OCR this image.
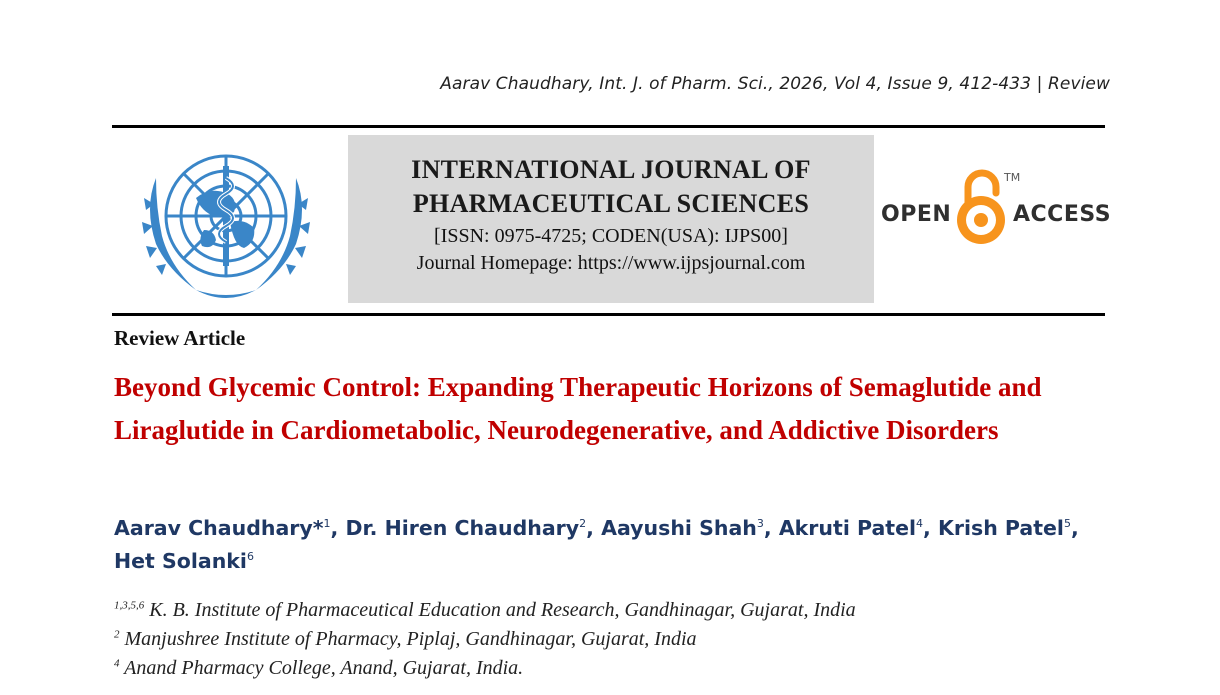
Aarav Chaudhary, Int. J. of Pharm. Sci., 2026, Vol 4, Issue 9, 412-433 | Review
INTERNATIONAL JOURNAL OF
PHARMACEUTICAL SCIENCES
[ISSN: 0975-4725; CODEN(USA): IJPS00]
Journal Homepage: https://www.ijpsjournal.com
OPEN	ACCESS
TM
Review Article
Beyond Glycemic Control: Expanding Therapeutic Horizons of Semaglutide and Liraglutide in Cardiometabolic, Neurodegenerative, and Addictive Disorders
Aarav Chaudhary*$^1$, Dr. Hiren Chaudhary$^2$, Aayushi Shah$^3$, Akruti Patel$^4$, Krish Patel$^5$, Het Solanki$^6$
$^{1,3,5,6}$ K. B. Institute of Pharmaceutical Education and Research, Gandhinagar, Gujarat, India
$^2$ Manjushree Institute of Pharmacy, Piplaj, Gandhinagar, Gujarat, India
$^4$ Anand Pharmacy College, Anand, Gujarat, India.
